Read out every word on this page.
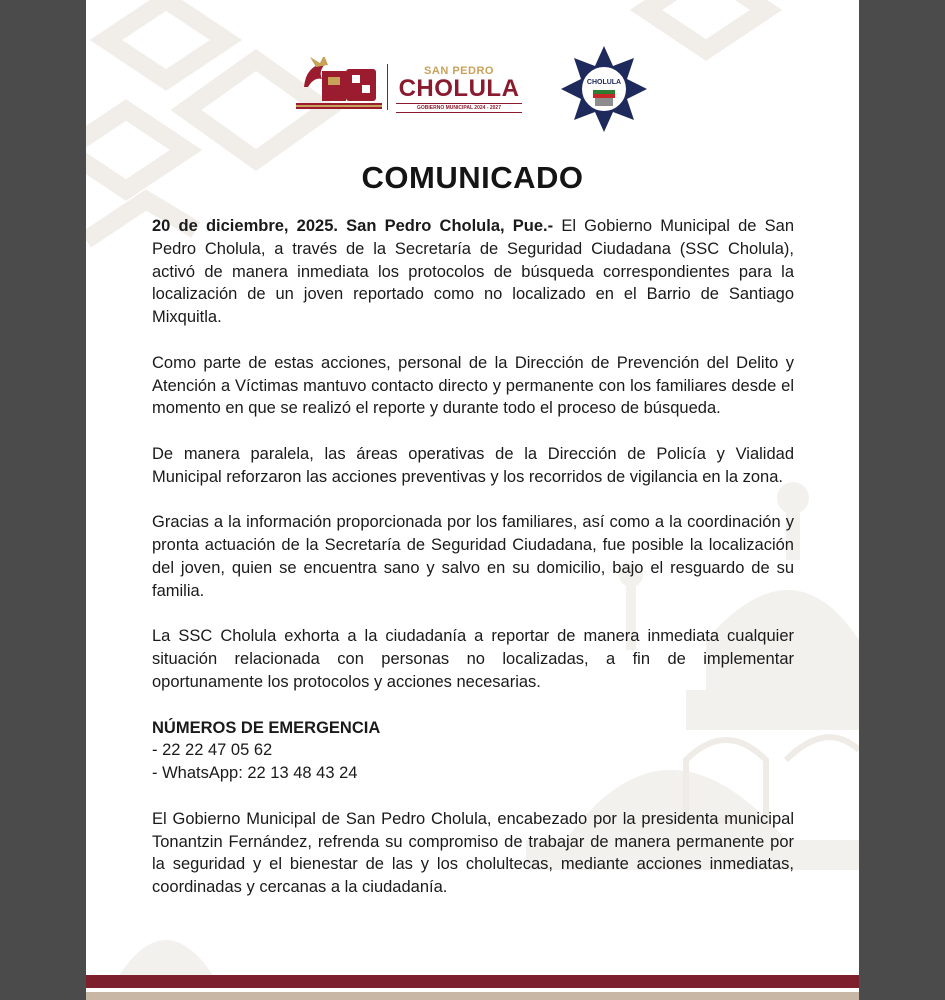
SAN PEDRO
CHOLULA
GOBIERNO MUNICIPAL 2024 - 2027
CHOLULA
COMUNICADO

20 de diciembre, 2025. San Pedro Cholula, Pue.- El Gobierno Municipal de San Pedro Cholula, a través de la Secretaría de Seguridad Ciudadana (SSC Cholula), activó de manera inmediata los protocolos de búsqueda correspondientes para la localización de un joven reportado como no localizado en el Barrio de Santiago Mixquitla.

Como parte de estas acciones, personal de la Dirección de Prevención del Delito y Atención a Víctimas mantuvo contacto directo y permanente con los familiares desde el momento en que se realizó el reporte y durante todo el proceso de búsqueda.

De manera paralela, las áreas operativas de la Dirección de Policía y Vialidad Municipal reforzaron las acciones preventivas y los recorridos de vigilancia en la zona.

Gracias a la información proporcionada por los familiares, así como a la coordinación y pronta actuación de la Secretaría de Seguridad Ciudadana, fue posible la localización del joven, quien se encuentra sano y salvo en su domicilio, bajo el resguardo de su familia.

La SSC Cholula exhorta a la ciudadanía a reportar de manera inmediata cualquier situación relacionada con personas no localizadas, a fin de implementar oportunamente los protocolos y acciones necesarias.

NÚMEROS DE EMERGENCIA

- 22 22 47 05 62

- WhatsApp: 22 13 48 43 24

El Gobierno Municipal de San Pedro Cholula, encabezado por la presidenta municipal Tonantzin Fernández, refrenda su compromiso de trabajar de manera permanente por la seguridad y el bienestar de las y los cholultecas, mediante acciones inmediatas, coordinadas y cercanas a la ciudadanía.
